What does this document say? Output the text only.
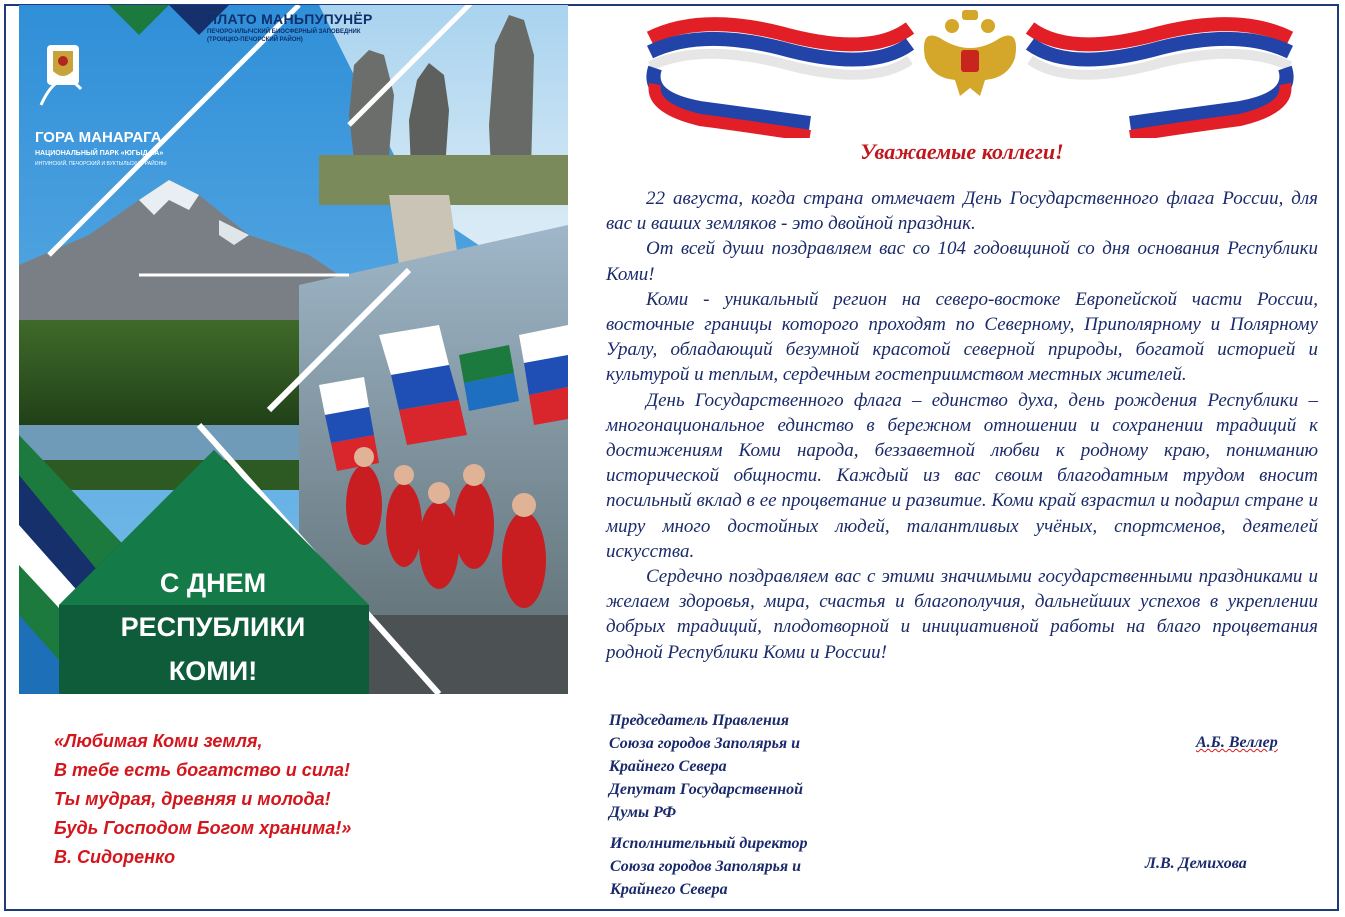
ПЛАТО МАНЬПУПУНЁР
ПЕЧОРО-ИЛЫЧСКИЙ БИОСФЕРНЫЙ ЗАПОВЕДНИК
(ТРОИЦКО-ПЕЧОРСКИЙ РАЙОН)
ГОРА МАНАРАГА
НАЦИОНАЛЬНЫЙ ПАРК «ЮГЫД ВА»
ИНТИНСКИЙ, ПЕЧОРСКИЙ И ВУКТЫЛЬСКИЙ РАЙОНЫ
С ДНЕМ РЕСПУБЛИКИ КОМИ!
Уважаемые коллеги!

22 августа, когда страна отмечает День Государственного флага России, для вас и ваших земляков - это двойной праздник.

От всей души поздравляем вас со 104 годовщиной со дня основания Республики Коми!

Коми - уникальный регион на северо-востоке Европейской части России, восточные границы которого проходят по Северному, Приполярному и Полярному Уралу, обладающий безумной красотой северной природы, богатой историей и культурой и теплым, сердечным гостеприимством местных жителей.

День Государственного флага – единство духа, день рождения Республики – многонациональное единство в бережном отношении и сохранении традиций к достижениям Коми народа, беззаветной любви к родному краю, пониманию исторической общности. Каждый из вас своим благодатным трудом вносит посильный вклад в ее процветание и развитие. Коми край взрастил и подарил стране и миру много достойных людей, талантливых учёных, спортсменов, деятелей искусства.

Сердечно поздравляем вас с этими значимыми государственными праздниками и желаем здоровья, мира, счастья и благополучия, дальнейших успехов в укреплении добрых традиций, плодотворной и инициативной работы на благо процветания родной Республики Коми и России!

Председатель Правления
Союза городов Заполярья и
Крайнего Севера
Депутат Государственной
Думы РФ
А.Б. Веллер
Исполнительный директор
Союза городов Заполярья и
Крайнего Севера
Л.В. Демихова
«Любимая Коми земля,
В тебе есть богатство и сила!
Ты мудрая, древняя и молода!
Будь Господом Богом хранима!»
В. Сидоренко
